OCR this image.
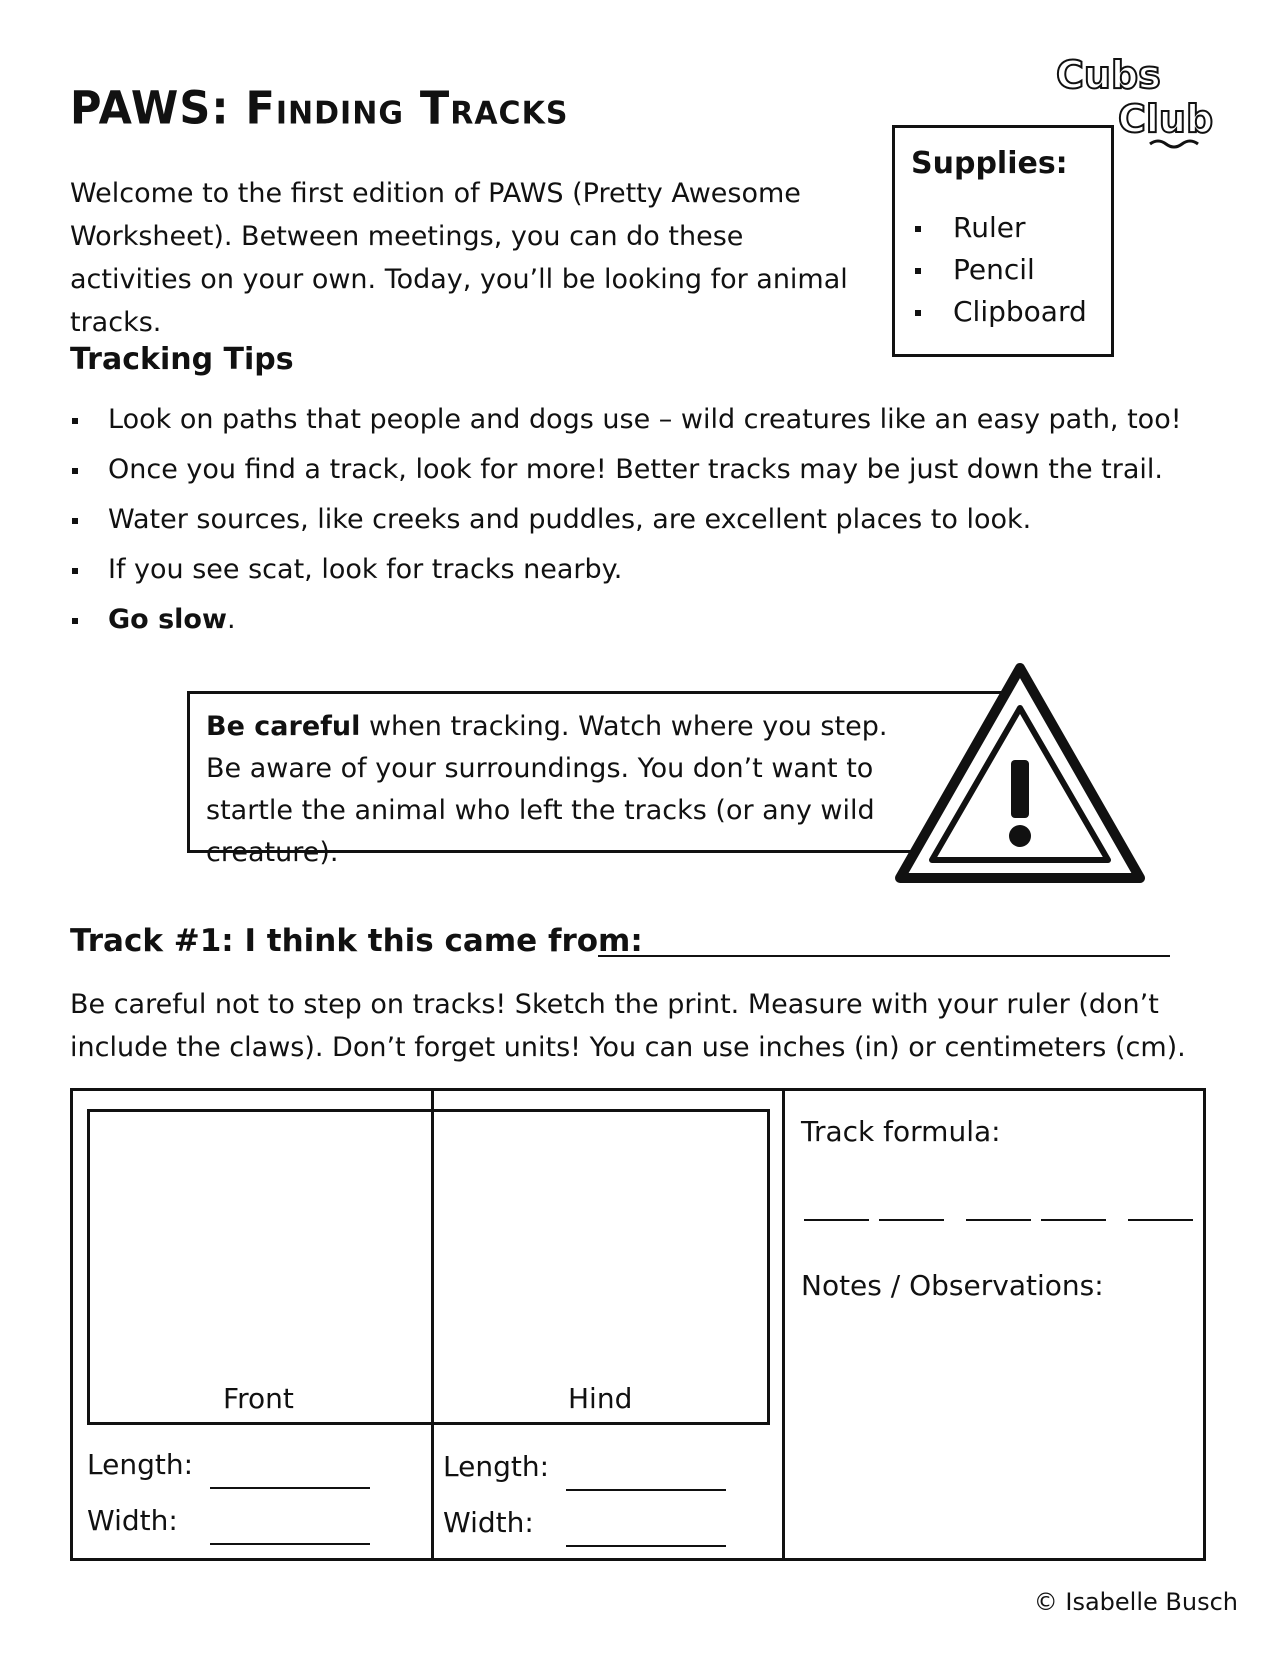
PAWS: Finding Tracks
Cubs
Club
Welcome to the first edition of PAWS (Pretty Awesome Worksheet). Between meetings, you can do these activities on your own. Today, you’ll be looking for animal tracks.
Supplies:
Ruler
Pencil
Clipboard
Tracking Tips
Look on paths that people and dogs use – wild creatures like an easy path, too!
Once you find a track, look for more! Better tracks may be just down the trail.
Water sources, like creeks and puddles, are excellent places to look.
If you see scat, look for tracks nearby.
Go slow.
Be careful when tracking. Watch where you step. Be aware of your surroundings. You don’t want to startle the animal who left the tracks (or any wild creature).
Track #1: I think this came from:
Be careful not to step on tracks! Sketch the print. Measure with your ruler (don’t include the claws). Don’t forget units! You can use inches (in) or centimeters (cm).
Front	Hind
Length:
Width:
Length:
Width:
Track formula:
Notes / Observations:
© Isabelle Busch
